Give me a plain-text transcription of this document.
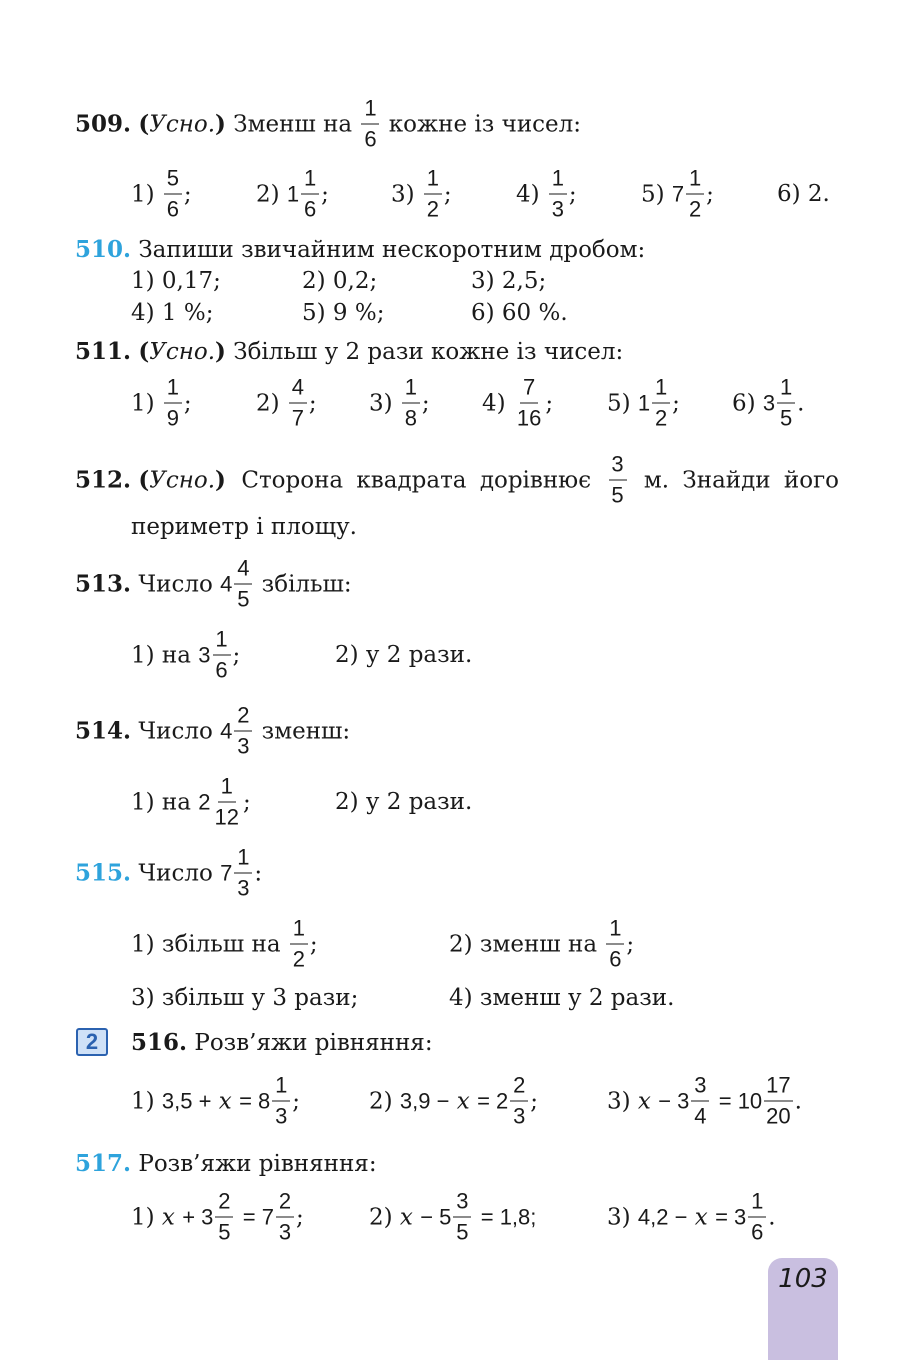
509.
( Усно. )
Зменш на
$\frac{1}{6}$
кожне із чисел:
1)
$\frac{5}{6}$ ;	2)
$1 \frac{1}{6}$ ;	3)
$\frac{1}{2}$ ;	4)
$\frac{1}{3}$ ;	5)
$7 \frac{1}{2}$ ;	6) 2.
510. Запиши звичайним нескоротним дробом:
1) 0,17;	2) 0,2;	3) 2,5;
4) 1 %;	5) 9 %;	6) 60 %.
511. (Усно.) Збільш у 2 рази кожне із чисел:
1)
$\frac{1}{9}$ ;	2)
$\frac{4}{7}$ ; 3)
$\frac{1}{8}$ ; 4)
$\frac{7}{16}$ ; 5)
$1 \frac{1}{2}$ ; 6)
$3 \frac{1}{5}$ .
512. (Усно.) Сторона квадрата дорівнює $\frac{3}{5} м$. Знайди його
периметр і площу.
513.
Число
$4 \frac{4}{5}$
збільш:
1) на
$3 \frac{1}{6}$ ;	2) у 2 рази.
514.
Число
$4 \frac{2}{3}$
зменш:
1) на
$2 \frac{1}{12}$ ;	2) у 2 рази.
515.
Число
$7 \frac{1}{3}$ :
1) збільш на
$\frac{1}{2}$ ;	2) зменш на
$\frac{1}{6}$ ;
3) збільш у 3 рази;	4) зменш у 2 рази.
2	516. Розв’яжи рівняння:
1)
3,5 +
x
= $8 \frac{1}{3}$ ;	2)
3,9 −
x
= $2 \frac{2}{3}$ ;	3)
x
− $3 \frac{3}{4}$
= $10 \frac{17}{20}$ .
517. Розв’яжи рівняння:
1)
x
+ $3 \frac{2}{5}$
= $7 \frac{2}{3}$ ;	2)
x
− $5 \frac{3}{5}$
= 1,8;	3)
4,2 −
x
= $3 \frac{1}{6}$ .
103
